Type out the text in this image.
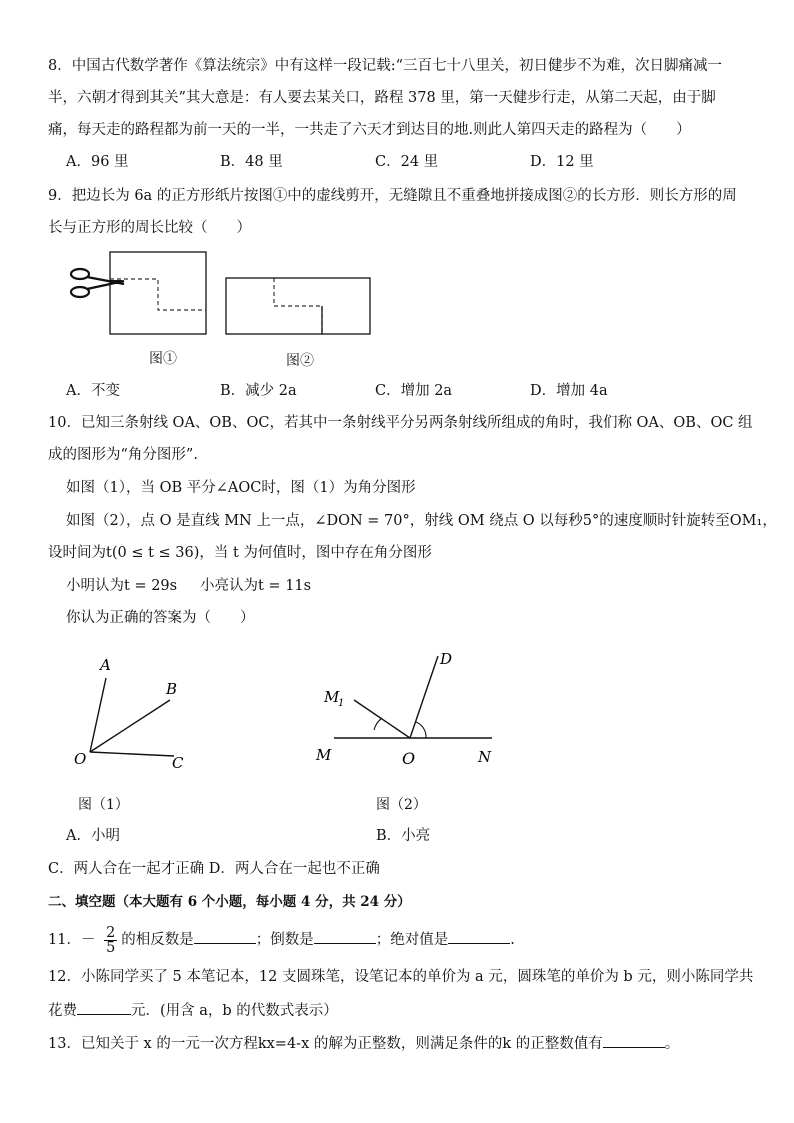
8．中国古代数学著作《算法统宗》中有这样一段记载:“三百七十八里关，初日健步不为难，次日脚痛减一
半，六朝才得到其关”其大意是：有人要去某关口，路程 378 里，第一天健步行走，从第二天起，由于脚
痛，每天走的路程都为前一天的一半，一共走了六天才到达目的地.则此人第四天走的路程为（　　）
A．96 里	B．48 里	C．24 里	D．12 里
9．把边长为 6a 的正方形纸片按图①中的虚线剪开，无缝隙且不重叠地拼接成图②的长方形．则长方形的周
长与正方形的周长比较（　　）
图①	图②
A．不变	B．减少 2a	C．增加 2a	D．增加 4a
10．已知三条射线 OA、OB、OC，若其中一条射线平分另两条射线所组成的角时，我们称 OA、OB、OC 组
成的图形为“角分图形”.
如图（1），当 OB 平分∠AOC时，图（1）为角分图形
如图（2），点 O 是直线 MN 上一点，∠DON = 70°，射线 OM 绕点 O 以每秒5°的速度顺时针旋转至OM₁，
设时间为t(0 ≤ t ≤ 36)，当 t 为何值时，图中存在角分图形
小明认为t = 29s 小亮认为t = 11s
你认为正确的答案为（　　）
A
B
O	C
D
M
1
M	O	N
图（1）	图（2）
A．小明	B．小亮
C．两人合在一起才正确 D．两人合在一起也不正确
二、填空题（本大题有 6 个小题，每小题 4 分，共 24 分）
11．－ $\frac{2}{5}$ 的相反数是	；倒数是	；绝对值是	.
12．小陈同学买了 5 本笔记本，12 支圆珠笔，设笔记本的单价为 a 元，圆珠笔的单价为 b 元，则小陈同学共
花费	元．(用含 a，b 的代数式表示）
13．已知关于 x 的一元一次方程kx=4-x 的解为正整数，则满足条件的k 的正整数值有	。
